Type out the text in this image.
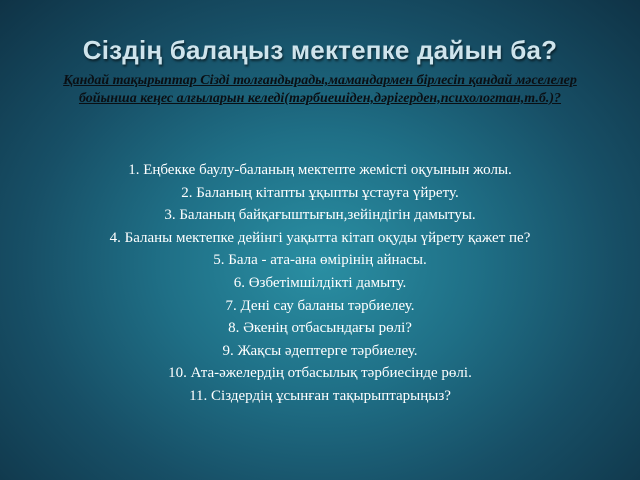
Сіздің балаңыз мектепке дайын ба?
Қандай тақырыптар Сізді толғандырады,мамандармен бірлесіп қандай мәселелер бойынша кеңес алғыларын келеді(тәрбиешіден,дәрігерден,психологтан,т.б.)?
1. Еңбекке баулу-баланың мектепте жемісті оқуынын жолы.
2. Баланың кітапты ұқыпты ұстауға үйрету.
3. Баланың байқағыштығын,зейіндігін дамытуы.
4. Баланы мектепке дейінгі уақытта кітап оқуды үйрету қажет пе?
5. Бала - ата-ана өмірінің айнасы.
6. Өзбетімшілдікті дамыту.
7. Дені сау баланы тәрбиелеу.
8. Әкенің отбасындағы рөлі?
9. Жақсы әдептерге тәрбиелеу.
10. Ата-әжелердің отбасылық тәрбиесінде рөлі.
11. Сіздердің ұсынған тақырыптарыңыз?
